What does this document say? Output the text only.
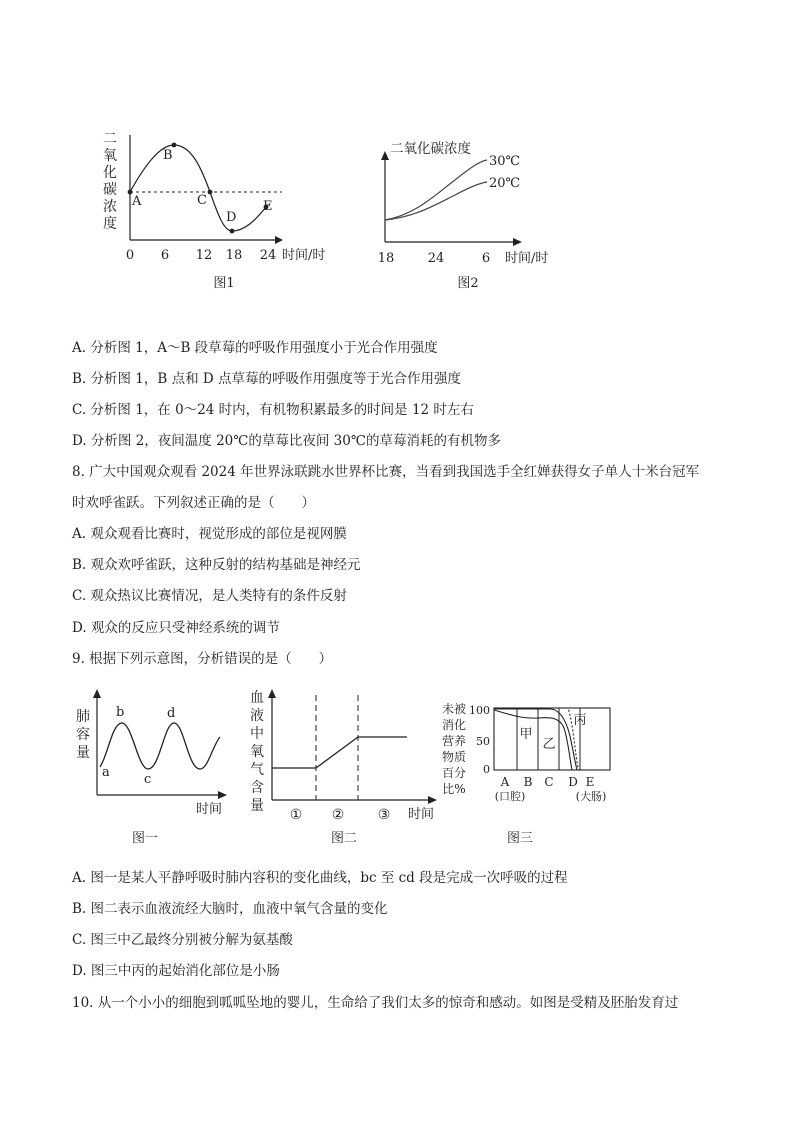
二
氧
化
碳
浓
度
A
B
C
D
E
0 6 12 18 24 时间/时
图1
二氧化碳浓度
30℃
20℃
18	24	6 时间/时
图2
A. 分析图 1，A～B 段草莓的呼吸作用强度小于光合作用强度
B. 分析图 1，B 点和 D 点草莓的呼吸作用强度等于光合作用强度
C. 分析图 1，在 0～24 时内，有机物积累最多的时间是 12 时左右
D. 分析图 2，夜间温度 20℃的草莓比夜间 30℃的草莓消耗的有机物多
8. 广大中国观众观看 2024 年世界泳联跳水世界杯比赛，当看到我国选手全红婵获得女子单人十米台冠军
时欢呼雀跃。下列叙述正确的是（　　）
A. 观众观看比赛时，视觉形成的部位是视网膜
B. 观众欢呼雀跃，这种反射的结构基础是神经元
C. 观众热议比赛情况，是人类特有的条件反射
D. 观众的反应只受神经系统的调节
9. 根据下列示意图，分析错误的是（　　）
肺
容
量
a
b
c
d
时间
图一
血
液
中
氧
气
含
量
① ② ③ 时间
图二
未被
消化
营养
物质
百分
比%
100
50
0
甲
乙
丙
A B C D E
(口腔)	(大肠)
图三
A. 图一是某人平静呼吸时肺内容积的变化曲线，bc 至 cd 段是完成一次呼吸的过程
B. 图二表示血液流经大脑时，血液中氧气含量的变化
C. 图三中乙最终分别被分解为氨基酸
D. 图三中丙的起始消化部位是小肠
10. 从一个小小的细胞到呱呱坠地的婴儿，生命给了我们太多的惊奇和感动。如图是受精及胚胎发育过
